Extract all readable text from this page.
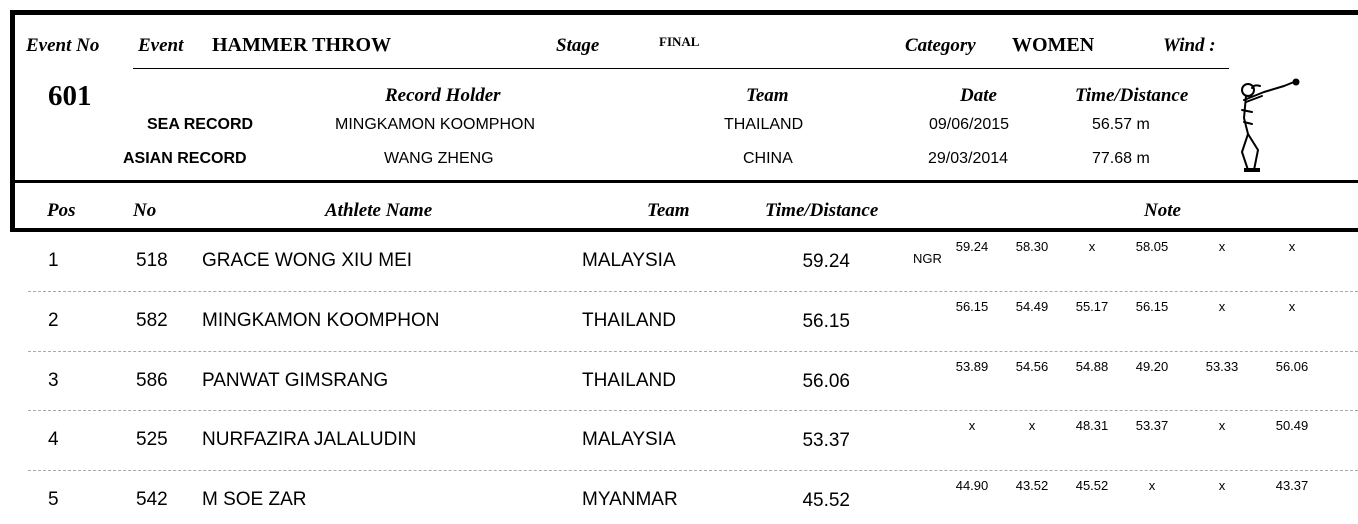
Event No Event HAMMER THROW	Stage	FINAL	Category WOMEN	Wind :
601	Record Holder	Team	Date	Time/Distance
SEA RECORD	MINGKAMON KOOMPHON	THAILAND	09/06/2015	56.57 m
ASIAN RECORD	WANG ZHENG	CHINA	29/03/2014	77.68 m
Pos	No	Athlete Name	Team	Time/Distance	Note
1	518 GRACE WONG XIU MEI	MALAYSIA	59.24	NGR
59.24	58.30	x	58.05	x	x
2	582 MINGKAMON KOOMPHON	THAILAND	56.15
56.15	54.49	55.17	56.15	x	x
3	586 PANWAT GIMSRANG	THAILAND	56.06
53.89	54.56	54.88	49.20	53.33	56.06
4	525 NURFAZIRA JALALUDIN	MALAYSIA	53.37
x	x	48.31	53.37	x	50.49
5	542 M SOE ZAR	MYANMAR	45.52
44.90	43.52	45.52	x	x	43.37
